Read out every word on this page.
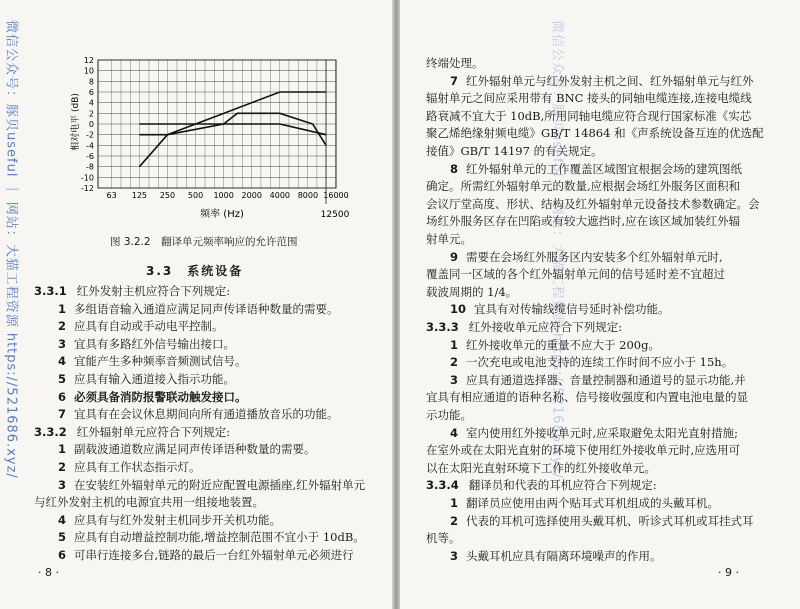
微信公众号：豚贝useful ｜ 网站：大猫工程资源 https://521686.xyz/	12
10
8
6
4
2
0
-2
-4
-6
-8
-10
-12
63 125 250 500 1000 2000 4000 8000 16000
相对电平 (dB)
频率 (Hz)	12500
图 3.2.2　翻译单元频率响应的允许范围
3.3　系统设备
3.3.1 红外发射主机应符合下列规定:
1 多组语音输入通道应满足同声传译语种数量的需要。
2 应具有自动或手动电平控制。
3 宜具有多路红外信号输出接口。
4 宜能产生多种频率音频测试信号。
5 应具有输入通道接入指示功能。
6 必须具备消防报警联动触发接口。
7 宜具有在会议休息期间向所有通道播放音乐的功能。
3.3.2 红外辐射单元应符合下列规定:
1 副载波通道数应满足同声传译语种数量的需要。
2 应具有工作状态指示灯。
3 在安装红外辐射单元的附近应配置电源插座,红外辐射单元
与红外发射主机的电源宜共用一组接地装置。
4 应具有与红外发射主机同步开关机功能。
5 应具有自动增益控制功能,增益控制范围不宜小于 10dB。
6 可串行连接多台,链路的最后一台红外辐射单元必须进行
· 8 ·
微信公众号：豚贝useful ｜ 网站：大猫工程资源 https://521686.xyz/
终端处理。
7 红外辐射单元与红外发射主机之间、红外辐射单元与红外
辐射单元之间应采用带有 BNC 接头的同轴电缆连接,连接电缆线
路衰减不宜大于 10dB,所用同轴电缆应符合现行国家标准《实芯
聚乙烯绝缘射频电缆》GB/T 14864 和《声系统设备互连的优选配
接值》GB/T 14197 的有关规定。
8 红外辐射单元的工作覆盖区域图宜根据会场的建筑图纸
确定。所需红外辐射单元的数量,应根据会场红外服务区面积和
会议厅堂高度、形状、结构及红外辐射单元设备技术参数确定。会
场红外服务区存在凹陷或有较大遮挡时,应在该区域加装红外辐
射单元。
9 需要在会场红外服务区内安装多个红外辐射单元时,
覆盖同一区域的各个红外辐射单元间的信号延时差不宜超过
载波周期的 1/4。
10 宜具有对传输线缆信号延时补偿功能。
3.3.3 红外接收单元应符合下列规定:
1 红外接收单元的重量不应大于 200g。
2 一次充电或电池支持的连续工作时间不应小于 15h。
3 应具有通道选择器、音量控制器和通道号的显示功能,并
宜具有相应通道的语种名称、信号接收强度和内置电池电量的显
示功能。
4 室内使用红外接收单元时,应采取避免太阳光直射措施;
在室外或在太阳光直射的环境下使用红外接收单元时,应选用可
以在太阳光直射环境下工作的红外接收单元。
3.3.4 翻译员和代表的耳机应符合下列规定:
1 翻译员应使用由两个贴耳式耳机组成的头戴耳机。
2 代表的耳机可选择使用头戴耳机、听诊式耳机或耳挂式耳
机等。
3 头戴耳机应具有隔离环境噪声的作用。
· 9 ·
